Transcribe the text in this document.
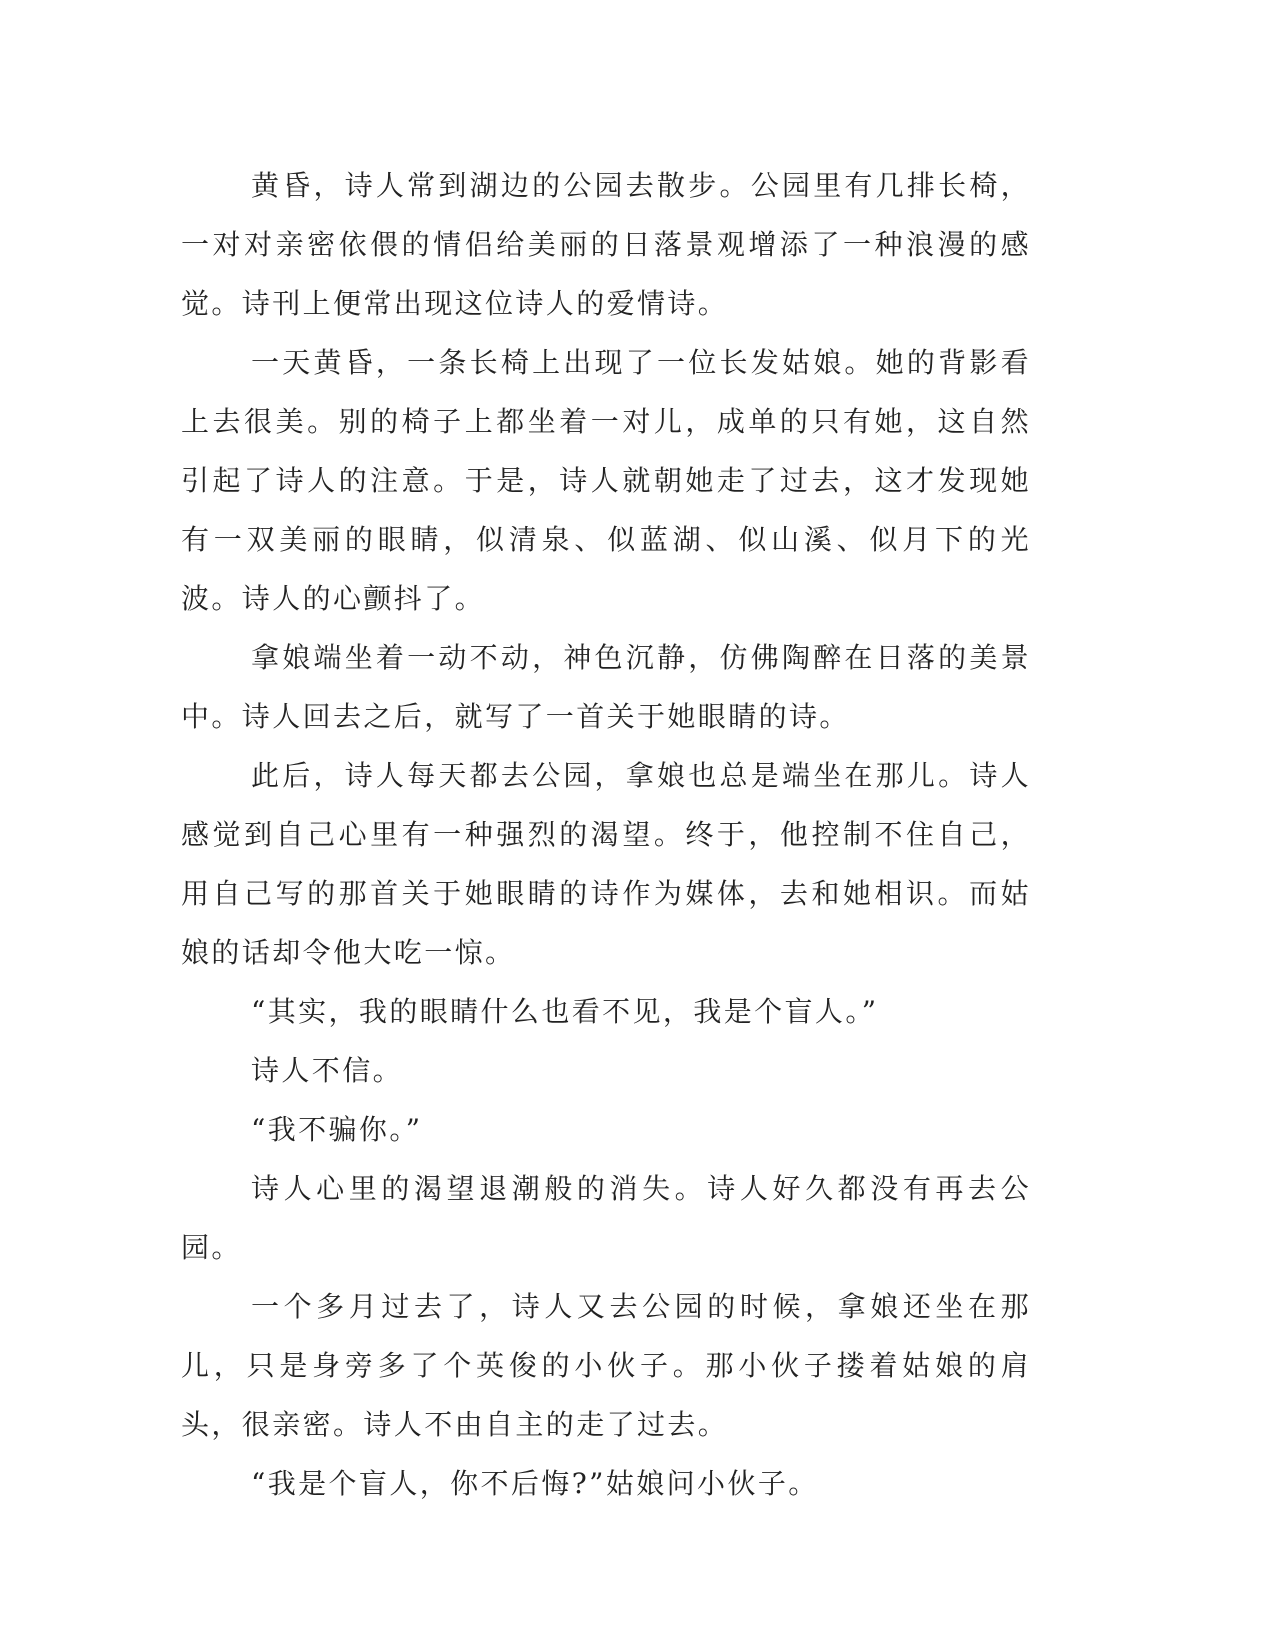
黄昏，诗人常到湖边的公园去散步。公园里有几排长椅，一对对亲密依偎的情侣给美丽的日落景观增添了一种浪漫的感觉。诗刊上便常出现这位诗人的爱情诗。

一天黄昏，一条长椅上出现了一位长发姑娘。她的背影看上去很美。别的椅子上都坐着一对儿，成单的只有她，这自然引起了诗人的注意。于是，诗人就朝她走了过去，这才发现她有一双美丽的眼睛，似清泉、似蓝湖、似山溪、似月下的光波。诗人的心颤抖了。

拿娘端坐着一动不动，神色沉静，仿佛陶醉在日落的美景中。诗人回去之后，就写了一首关于她眼睛的诗。

此后，诗人每天都去公园，拿娘也总是端坐在那儿。诗人感觉到自己心里有一种强烈的渴望。终于，他控制不住自己，用自己写的那首关于她眼睛的诗作为媒体，去和她相识。而姑娘的话却令他大吃一惊。

“其实，我的眼睛什么也看不见，我是个盲人。”

诗人不信。

“我不骗你。”

诗人心里的渴望退潮般的消失。诗人好久都没有再去公园。

一个多月过去了，诗人又去公园的时候，拿娘还坐在那儿，只是身旁多了个英俊的小伙子。那小伙子搂着姑娘的肩头，很亲密。诗人不由自主的走了过去。

“我是个盲人，你不后悔?”姑娘问小伙子。
